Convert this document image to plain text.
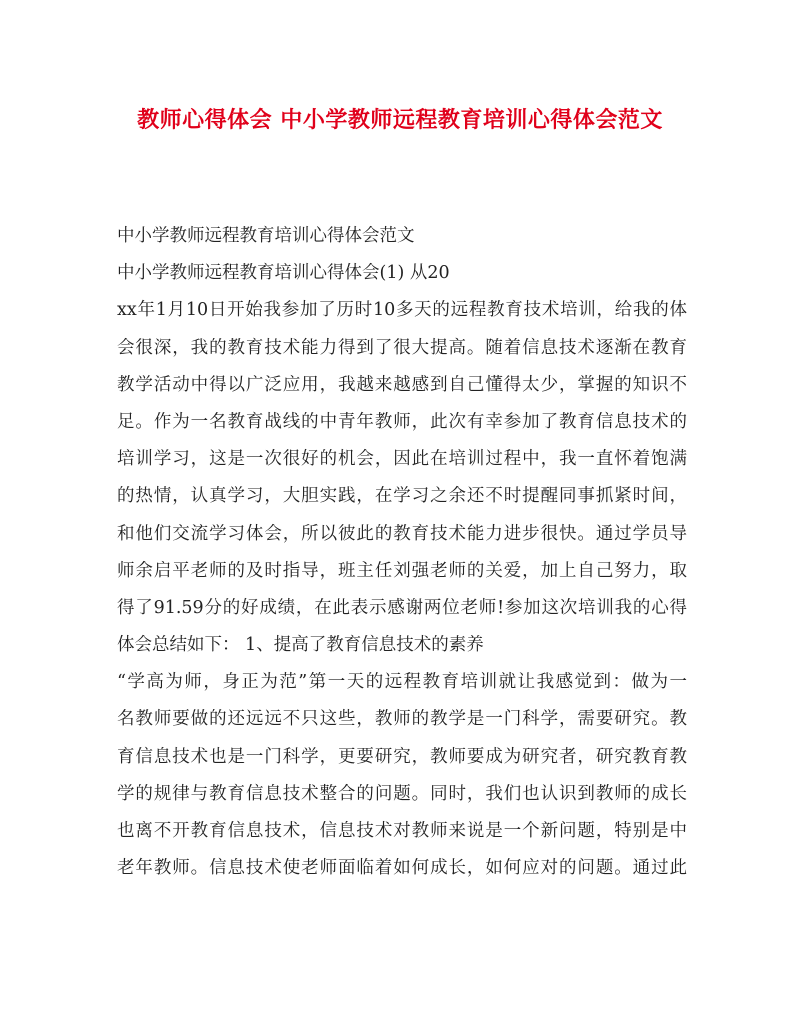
教师心得体会 中小学教师远程教育培训心得体会范文
中小学教师远程教育培训心得体会范文
中小学教师远程教育培训心得体会(1) 从20
xx年1月10日开始我参加了历时10多天的远程教育技术培训，给我的体
会很深，我的教育技术能力得到了很大提高。随着信息技术逐渐在教育
教学活动中得以广泛应用，我越来越感到自己懂得太少，掌握的知识不
足。作为一名教育战线的中青年教师，此次有幸参加了教育信息技术的
培训学习，这是一次很好的机会，因此在培训过程中，我一直怀着饱满
的热情，认真学习，大胆实践，在学习之余还不时提醒同事抓紧时间，
和他们交流学习体会，所以彼此的教育技术能力进步很快。通过学员导
师余启平老师的及时指导，班主任刘强老师的关爱，加上自己努力，取
得了91.59分的好成绩，在此表示感谢两位老师!参加这次培训我的心得
体会总结如下： 1、提高了教育信息技术的素养
“学高为师，身正为范”第一天的远程教育培训就让我感觉到：做为一
名教师要做的还远远不只这些，教师的教学是一门科学，需要研究。教
育信息技术也是一门科学，更要研究，教师要成为研究者，研究教育教
学的规律与教育信息技术整合的问题。同时，我们也认识到教师的成长
也离不开教育信息技术，信息技术对教师来说是一个新问题，特别是中
老年教师。信息技术使老师面临着如何成长，如何应对的问题。通过此
